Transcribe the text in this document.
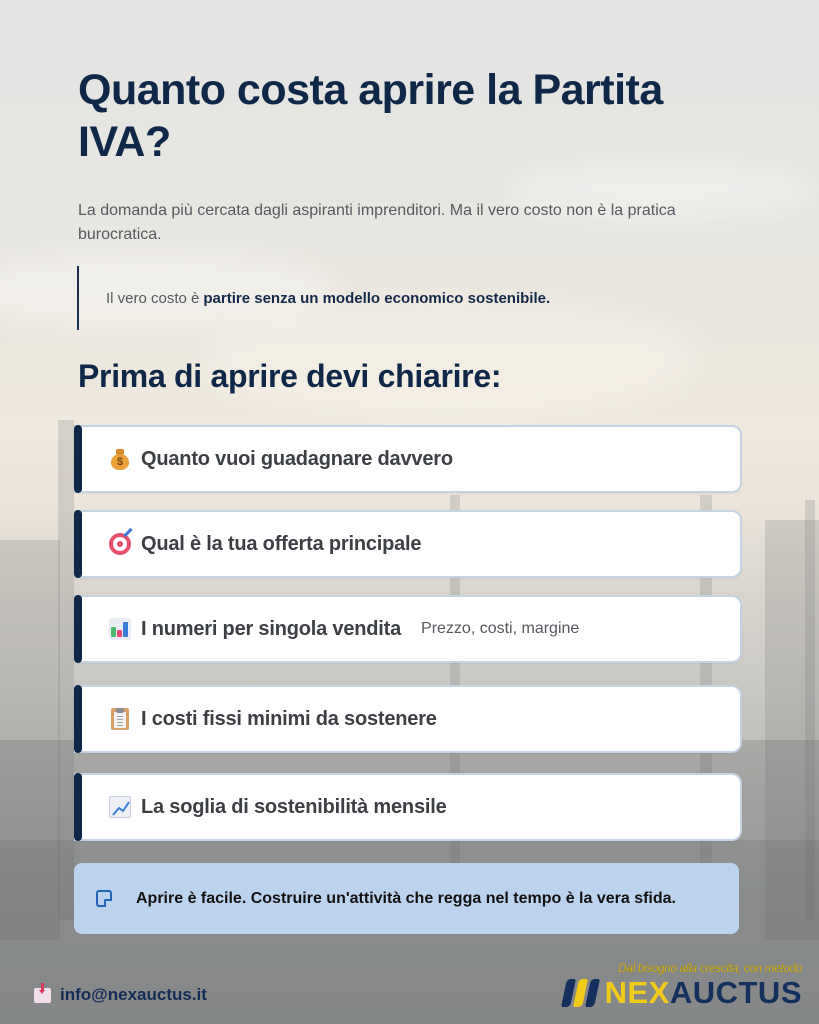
Quanto costa aprire la Partita IVA?

La domanda più cercata dagli aspiranti imprenditori. Ma il vero costo non è la pratica burocratica.

Il vero costo è partire senza un modello economico sostenibile.
Prima di aprire devi chiarire:
$ Quanto vuoi guadagnare davvero
Qual è la tua offerta principale
I numeri per singola vendita Prezzo, costi, margine
I costi fissi minimi da sostenere
La soglia di sostenibilità mensile
Aprire è facile. Costruire un'attività che regga nel tempo è la vera sfida.
info@nexauctus.it
Dal bisogno alla crescita, con metodo
NEXAUCTUS
